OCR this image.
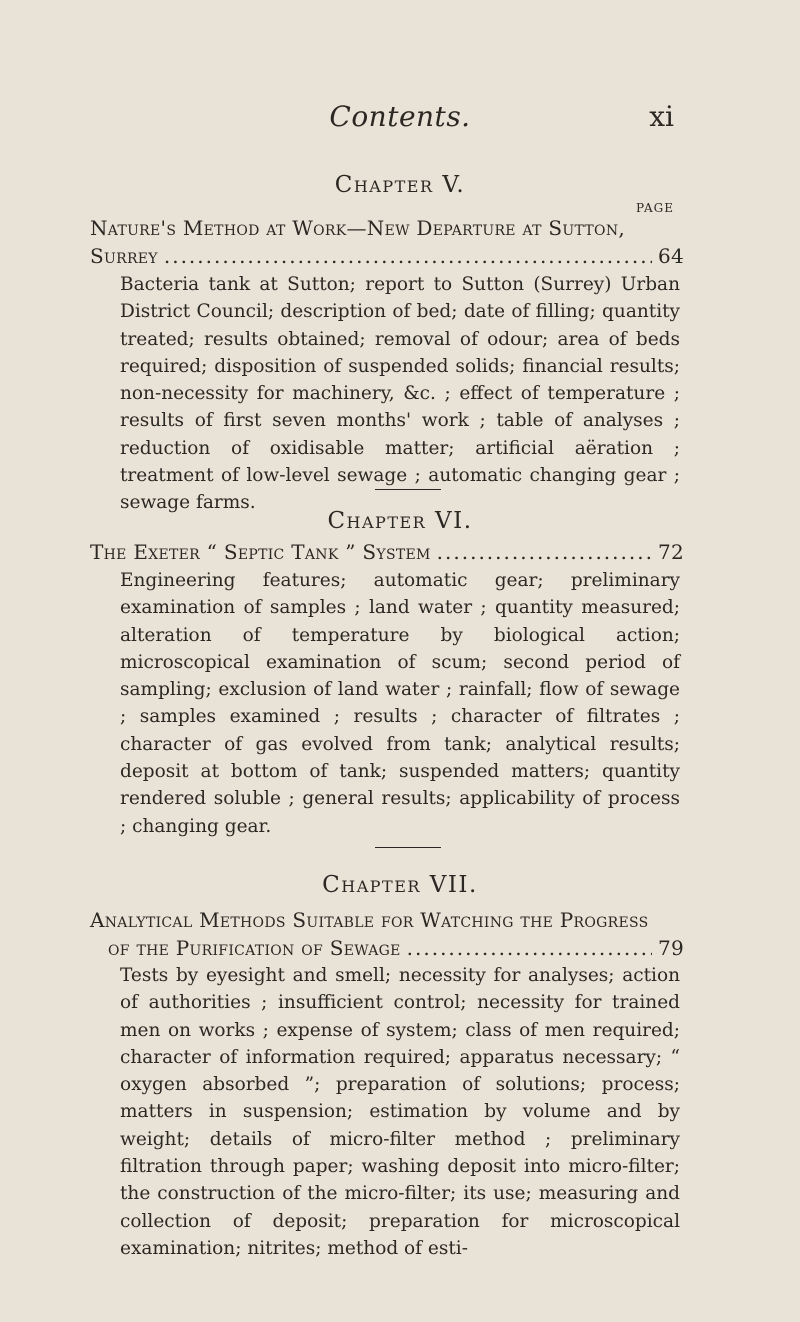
Contents.	xi
Chapter V.
PAGE
Nature's Method at Work—New Departure at Sutton,
Surrey .....	64
Bacteria tank at Sutton; report to Sutton (Surrey) Urban District Council; description of bed; date of filling; quantity treated; results obtained; removal of odour; area of beds required; disposition of suspended solids; financial results; non-necessity for machinery, &c. ; effect of temperature ; results of first seven months' work ; table of analyses ; reduction of oxidisable matter; artificial aëration ; treatment of low-level sewage ; automatic changing gear ; sewage farms.
Chapter VI.
The Exeter “ Septic Tank ” System .....	72
Engineering features; automatic gear; preliminary examination of samples ; land water ; quantity measured; alteration of temperature by biological action; microscopical examination of scum; second period of sampling; exclusion of land water ; rainfall; flow of sewage ; samples examined ; results ; character of filtrates ; character of gas evolved from tank; analytical results; deposit at bottom of tank; suspended matters; quantity rendered soluble ; general results; applicability of process ; changing gear.
Chapter VII.
Analytical Methods Suitable for Watching the Progress
of the Purification of Sewage .....	79
Tests by eyesight and smell; necessity for analyses; action of authorities ; insufficient control; necessity for trained men on works ; expense of system; class of men required; character of information required; apparatus necessary; “ oxygen absorbed ”; preparation of solutions; process; matters in suspension; estimation by volume and by weight; details of micro-filter method ; preliminary filtration through paper; washing deposit into micro-filter; the construction of the micro-filter; its use; measuring and collection of deposit; preparation for microscopical examination; nitrites; method of esti-
